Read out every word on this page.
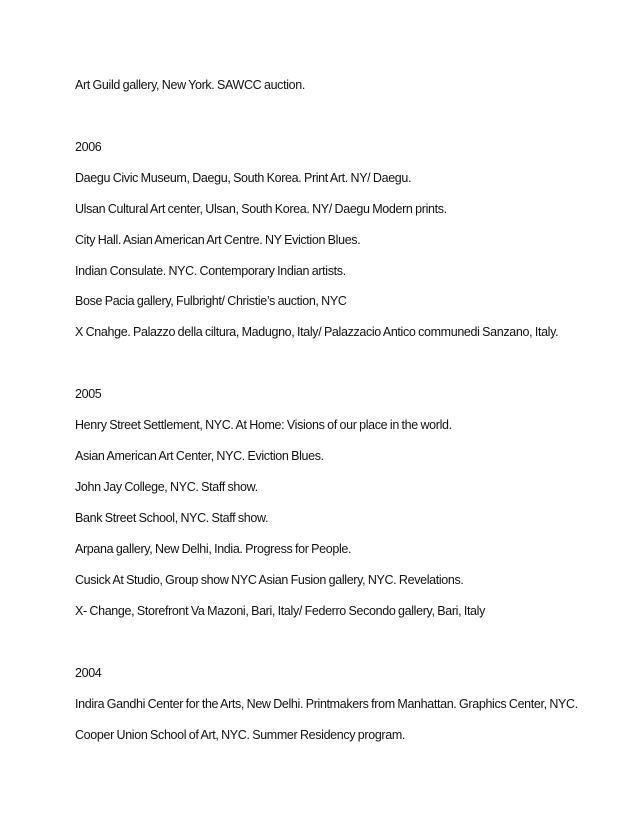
Art Guild gallery, New York. SAWCC auction.
2006
Daegu Civic Museum, Daegu, South Korea. Print Art. NY/ Daegu.
Ulsan Cultural Art center, Ulsan, South Korea. NY/ Daegu Modern prints.
City Hall. Asian American Art Centre. NY Eviction Blues.
Indian Consulate. NYC. Contemporary Indian artists.
Bose Pacia gallery, Fulbright/ Christie’s auction, NYC
X Cnahge. Palazzo della ciltura, Madugno, Italy/ Palazzacio Antico communedi Sanzano, Italy.
2005
Henry Street Settlement, NYC. At Home: Visions of our place in the world.
Asian American Art Center, NYC. Eviction Blues.
John Jay College, NYC. Staff show.
Bank Street School, NYC. Staff show.
Arpana gallery, New Delhi, India. Progress for People.
Cusick At Studio, Group show NYC Asian Fusion gallery, NYC. Revelations.
X- Change, Storefront Va Mazoni, Bari, Italy/ Federro Secondo gallery, Bari, Italy
2004
Indira Gandhi Center for the Arts, New Delhi. Printmakers from Manhattan. Graphics Center, NYC.
Cooper Union School of Art, NYC. Summer Residency program.
